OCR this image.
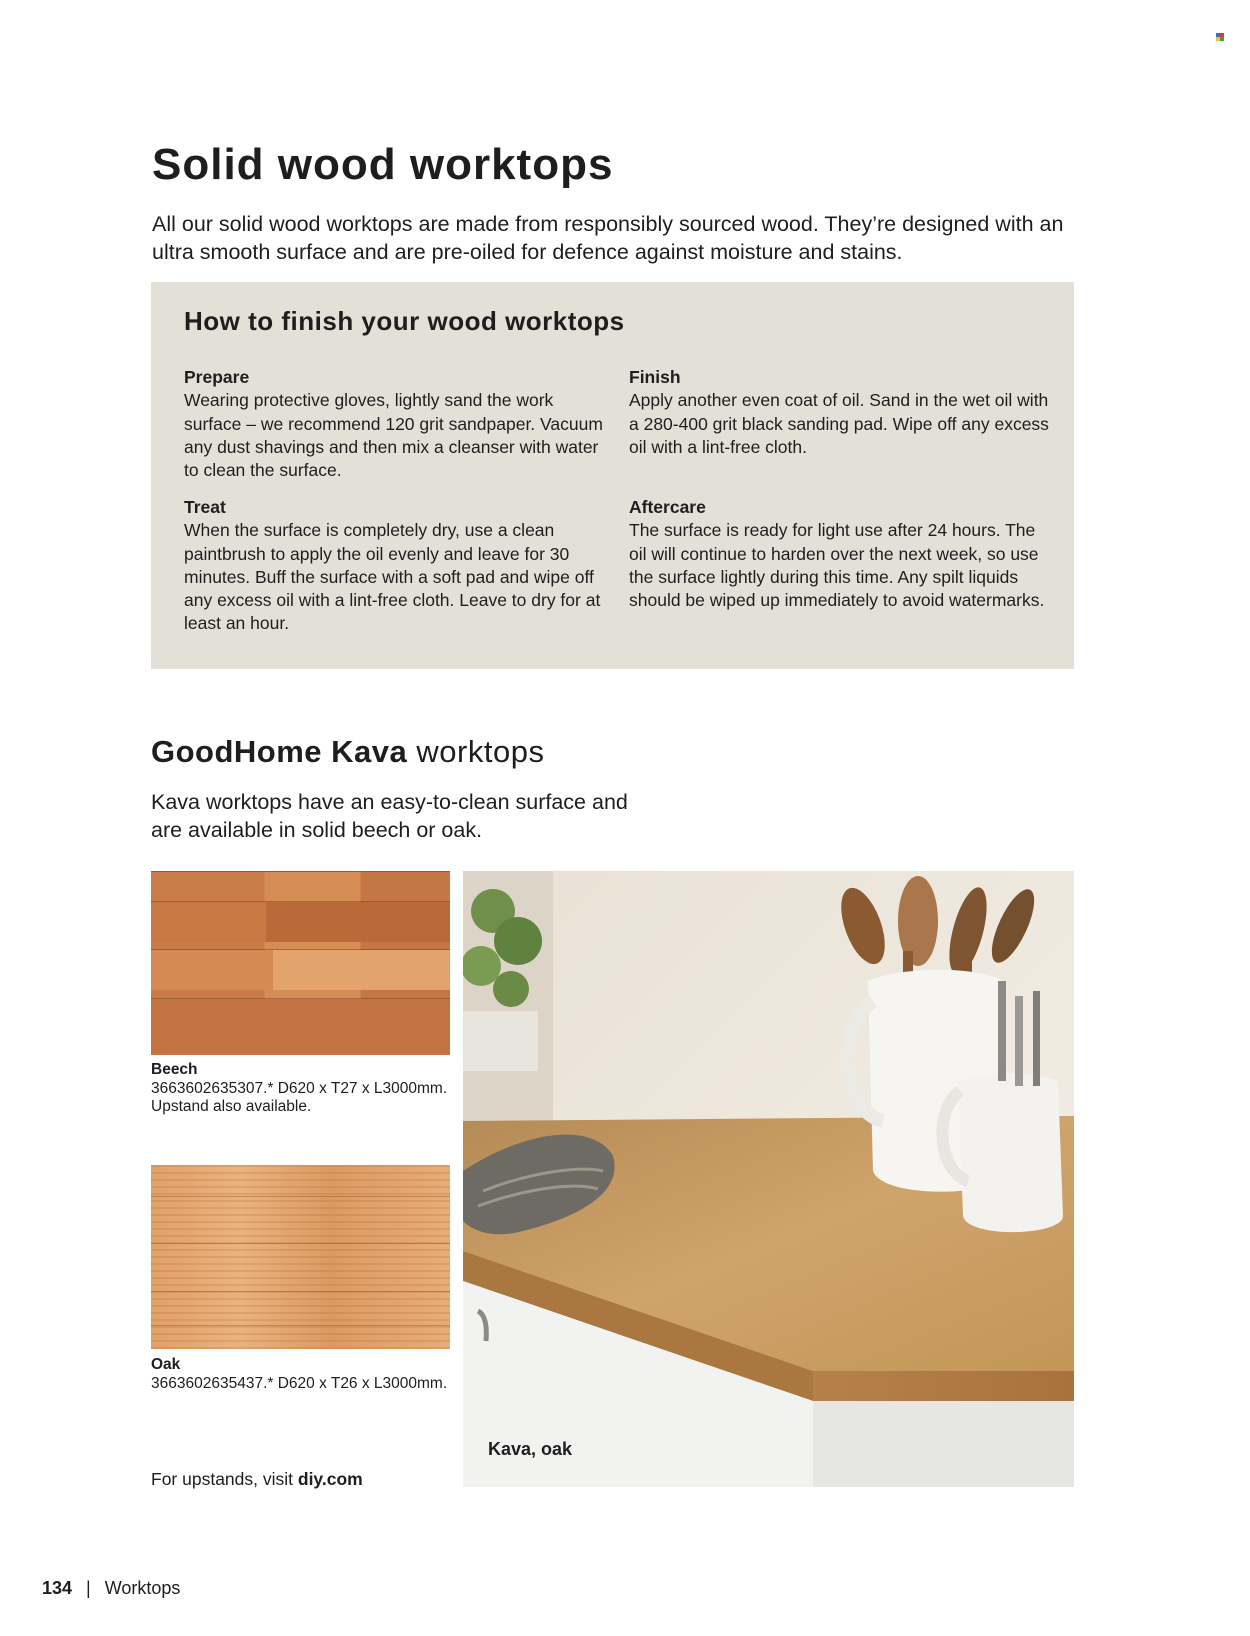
Solid wood worktops

All our solid wood worktops are made from responsibly sourced wood. They’re designed with an ultra smooth surface and are pre-oiled for defence against moisture and stains.

How to finish your wood worktops
Prepare
Wearing protective gloves, lightly sand the work surface – we recommend 120 grit sandpaper. Vacuum any dust shavings and then mix a cleanser with water to clean the surface.
Finish
Apply another even coat of oil. Sand in the wet oil with a 280-400 grit black sanding pad. Wipe off any excess oil with a lint-free cloth.
Treat
When the surface is completely dry, use a clean paintbrush to apply the oil evenly and leave for 30 minutes. Buff the surface with a soft pad and wipe off any excess oil with a lint-free cloth. Leave to dry for at least an hour.
Aftercare
The surface is ready for light use after 24 hours. The oil will continue to harden over the next week, so use the surface lightly during this time. Any spilt liquids should be wiped up immediately to avoid watermarks.
GoodHome Kava worktops

Kava worktops have an easy-to-clean surface and are available in solid beech or oak.

Beech
3663602635307.* D620 x T27 x L3000mm.
Upstand also available.
Oak
3663602635437.* D620 x T26 x L3000mm.
For upstands, visit diy.com
Kava, oak
134 | Worktops
